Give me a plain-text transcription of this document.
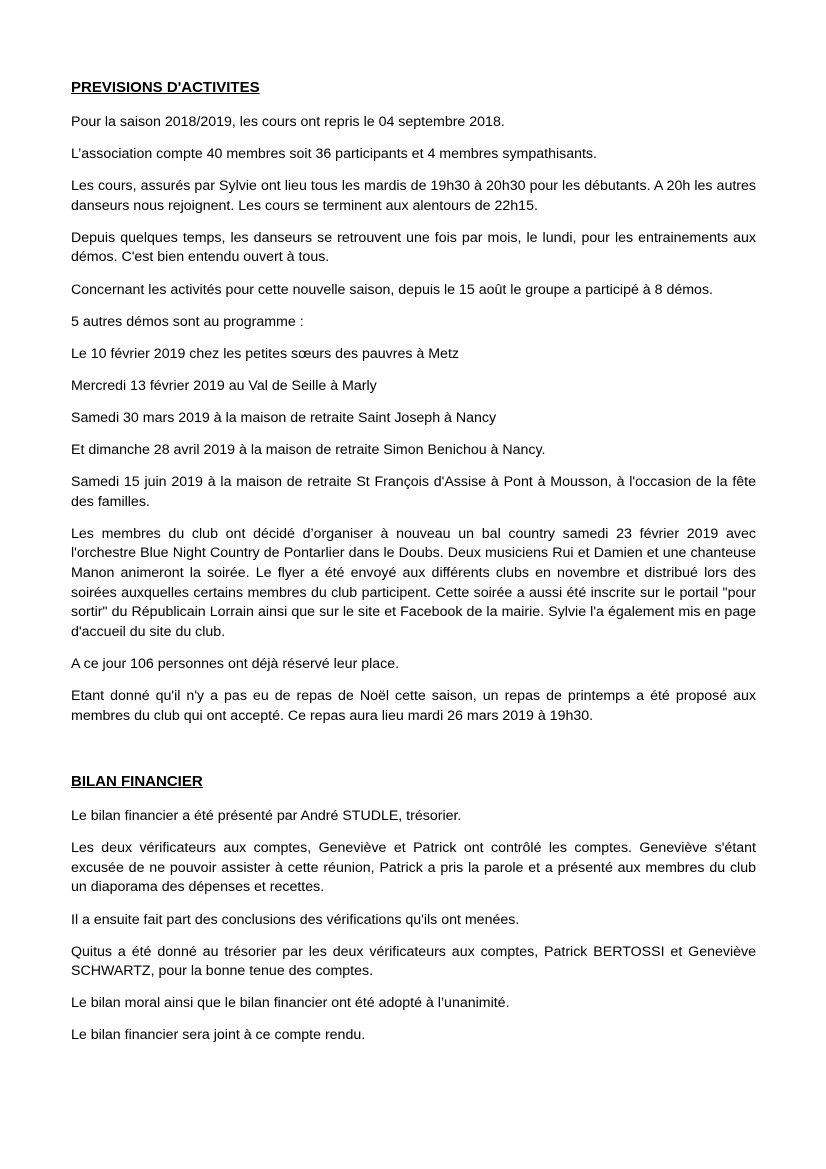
PREVISIONS D'ACTIVITES

Pour la saison 2018/2019, les cours ont repris le 04 septembre 2018.

L’association compte 40 membres soit 36 participants et 4 membres sympathisants.

Les cours, assurés par Sylvie ont lieu tous les mardis de 19h30 à 20h30 pour les débutants. A 20h les autres danseurs nous rejoignent. Les cours se terminent aux alentours de 22h15.

Depuis quelques temps, les danseurs se retrouvent une fois par mois, le lundi, pour les entrainements aux démos. C'est bien entendu ouvert à tous.

Concernant les activités pour cette nouvelle saison, depuis le 15 août le groupe a participé à 8 démos.

5 autres démos sont au programme :

Le 10 février 2019 chez les petites sœurs des pauvres à Metz

Mercredi 13 février 2019 au Val de Seille à Marly

Samedi 30 mars 2019 à la maison de retraite Saint Joseph à Nancy

Et dimanche 28 avril 2019 à la maison de retraite Simon Benichou à Nancy.

Samedi 15 juin 2019 à la maison de retraite St François d'Assise à Pont à Mousson, à l'occasion de la fête des familles.

Les membres du club ont décidé d’organiser à nouveau un bal country samedi 23 février 2019 avec l'orchestre Blue Night Country de Pontarlier dans le Doubs. Deux musiciens Rui et Damien et une chanteuse Manon animeront la soirée. Le flyer a été envoyé aux différents clubs en novembre et distribué lors des soirées auxquelles certains membres du club participent. Cette soirée a aussi été inscrite sur le portail "pour sortir" du Républicain Lorrain ainsi que sur le site et Facebook de la mairie. Sylvie l'a également mis en page d'accueil du site du club.

A ce jour 106 personnes ont déjà réservé leur place.

Etant donné qu'il n'y a pas eu de repas de Noël cette saison, un repas de printemps a été proposé aux membres du club qui ont accepté. Ce repas aura lieu mardi 26 mars 2019 à 19h30.

BILAN FINANCIER

Le bilan financier a été présenté par André STUDLE, trésorier.

Les deux vérificateurs aux comptes, Geneviève et Patrick ont contrôlé les comptes. Geneviève s'étant excusée de ne pouvoir assister à cette réunion, Patrick a pris la parole et a présenté aux membres du club un diaporama des dépenses et recettes.

Il a ensuite fait part des conclusions des vérifications qu'ils ont menées.

Quitus a été donné au trésorier par les deux vérificateurs aux comptes, Patrick BERTOSSI et Geneviève SCHWARTZ, pour la bonne tenue des comptes.

Le bilan moral ainsi que le bilan financier ont été adopté à l’unanimité.

Le bilan financier sera joint à ce compte rendu.
